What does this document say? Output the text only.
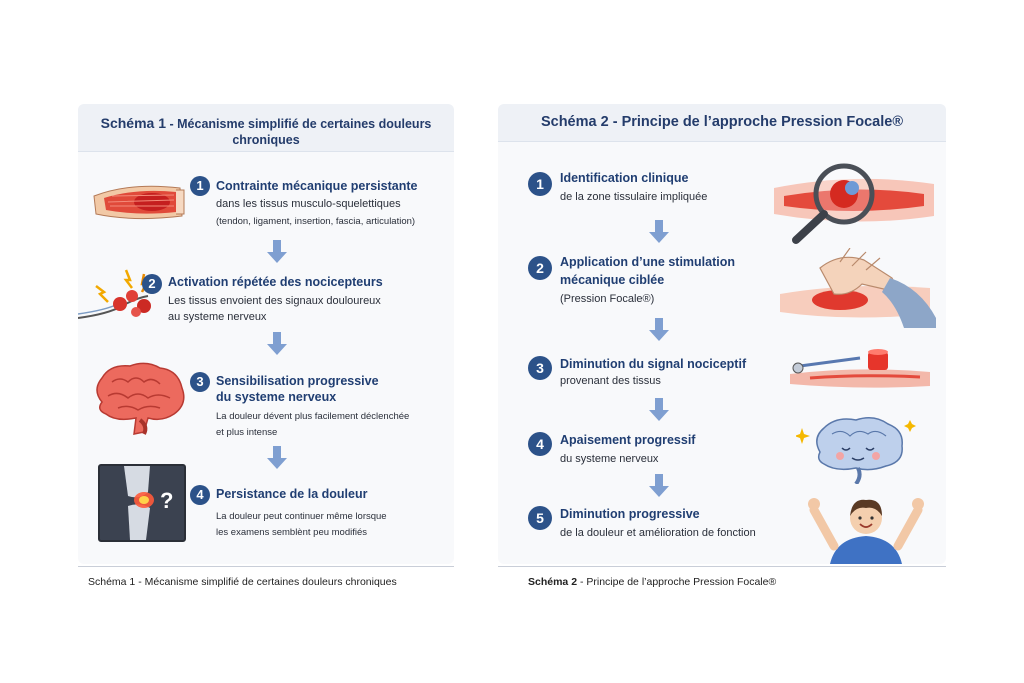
Schéma 1 - Mécanisme simplifié de certaines douleurs chroniques
1 Contrainte mécanique persistante
dans les tissus musculo-squelettiques
(tendon, ligament, insertion, fascia, articulation)
2 Activation répétée des nocicepteurs
Les tissus envoient des signaux douloureux
au systeme nerveux
3 Sensibilisation progressive
du systeme nerveux
La douleur dévent plus facilement déclenchée
et plus intense
?	4 Persistance de la douleur
La douleur peut continuer même lorsque
les examens semblènt peu modifiés
Schéma 1 - Mécanisme simplifié de certaines douleurs chroniques
Schéma 2 - Principe de l’approche Pression Focale®
1	Identification clinique
de la zone tissulaire impliquée
2	Application d’une stimulation
mécanique ciblée
(Pression Focale®)
3	Diminution du signal nociceptif
provenant des tissus
4	Apaisement progressif
du systeme nerveux
5	Diminution progressive
de la douleur et amélioration de fonction
Schéma 2 - Principe de l’approche Pression Focale®
